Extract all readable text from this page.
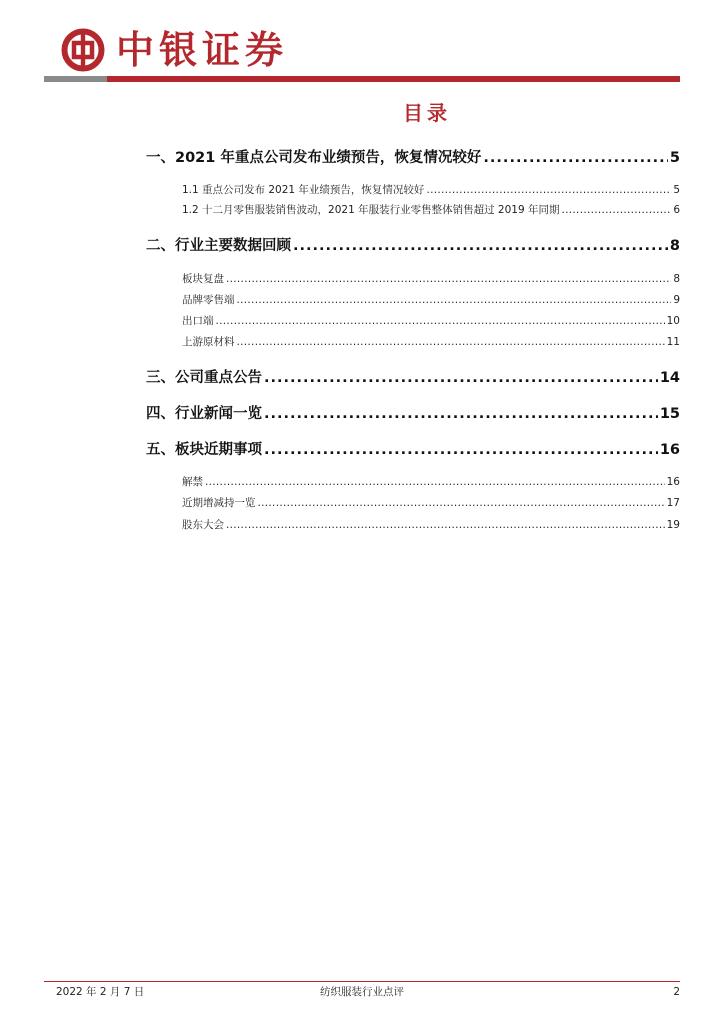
中银证券
目录
一、2021 年重点公司发布业绩预告，恢复情况较好 .....	5
1.1 重点公司发布 2021 年业绩预告，恢复情况较好 .....	5
1.2 十二月零售服装销售波动，2021 年服装行业零售整体销售超过 2019 年同期 .....	6
二、行业主要数据回顾 .....	8
板块复盘 .....	8
品牌零售端 .....	9
出口端 .....	10
上游原材料 .....	11
三、公司重点公告 .....	14
四、行业新闻一览 .....	15
五、板块近期事项 .....	16
解禁 .....	16
近期增减持一览 .....	17
股东大会 .....	19
2022 年 2 月 7 日	纺织服装行业点评	2
